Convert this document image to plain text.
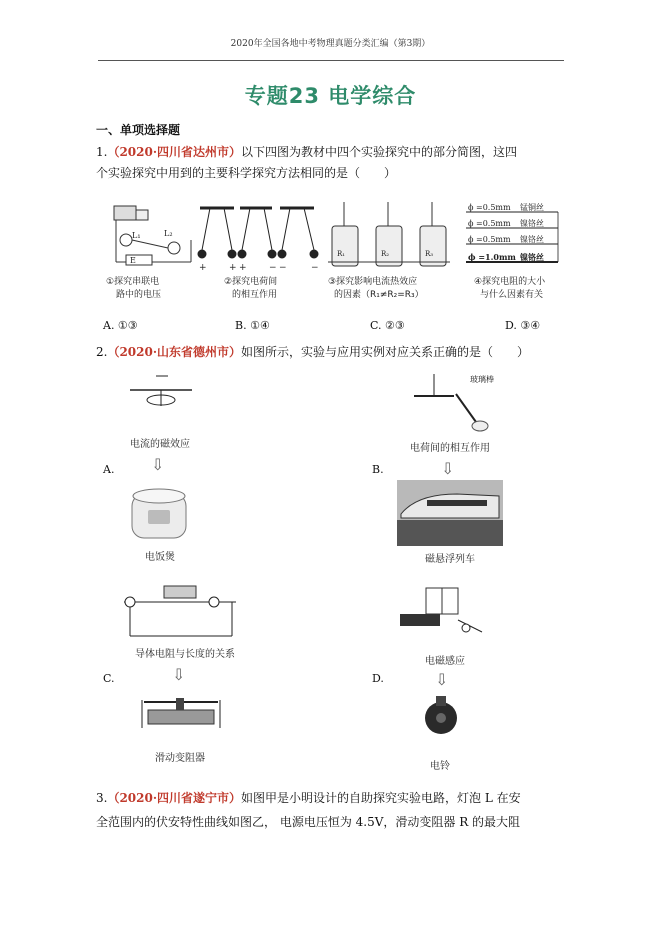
2020年全国各地中考物理真题分类汇编（第3期）
专题23 电学综合
一、单项选择题
1.（2020·四川省达州市）以下四图为教材中四个实验探究中的部分简图，这四
个实验探究中用到的主要科学探究方法相同的是（　　）
L₁	L₂
E
+ + + − −	−
R₁	R₂	R₃
ϕ =0.5mm 锰铜丝
ϕ =0.5mm 镍铬丝
ϕ =0.5mm 镍铬丝
ϕ =1.0mm 镍铬丝
①探究串联电
路中的电压
②探究电荷间
的相互作用
③探究影响电流热效应
的因素（R₁≠R₂=R₃）
④探究电阻的大小
与什么因素有关
A. ①③	B. ①④	C. ②③	D. ③④
2.（2020·山东省德州市）如图所示，实验与应用实例对应关系正确的是（　　）
A.
电流的磁效应
⇩
电饭煲
B.
玻璃棒
电荷间的相互作用
⇩
磁悬浮列车
C.
导体电阻与长度的关系
⇩
滑动变阻器
D.
电磁感应
⇩
电铃
3.（2020·四川省遂宁市）如图甲是小明设计的自助探究实验电路，灯泡 L 在安
全范围内的伏安特性曲线如图乙， 电源电压恒为 4.5V，滑动变阻器 R 的最大阻
